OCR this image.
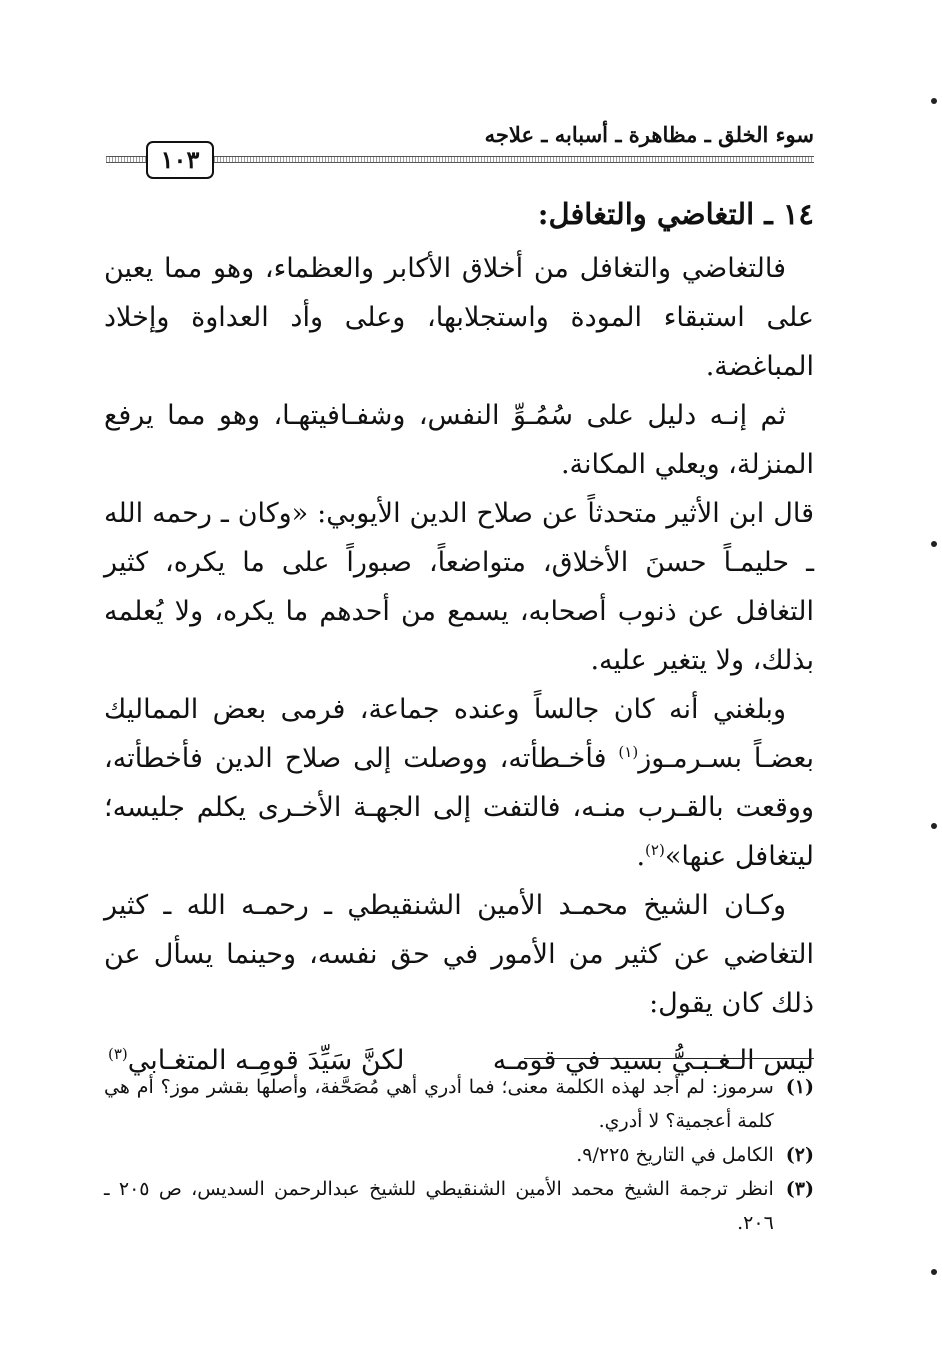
سوء الخلق ـ مظاهرة ـ أسبابه ـ علاجه
١٠٣

١٤ ـ التغاضي والتغافل:

فالتغاضي والتغافل من أخلاق الأكابر والعظماء، وهو مما يعين على استبقاء المودة واستجلابها، وعلى وأد العداوة وإخلاد المباغضة.

ثم إنـه دليل على سُمُـوِّ النفس، وشفـافيتهـا، وهو مما يرفع المنزلة، ويعلي المكانة.

قال ابن الأثير متحدثاً عن صلاح الدين الأيوبي: «وكان ـ رحمه الله ـ حليمـاً حسنَ الأخلاق، متواضعاً، صبوراً على ما يكره، كثير التغافل عن ذنوب أصحابه، يسمع من أحدهم ما يكره، ولا يُعلمه بذلك، ولا يتغير عليه.

وبلغني أنه كان جالساً وعنده جماعة، فرمى بعض المماليك بعضـاً بسـرمـوز$^{(١)}$ فأخـطأته، ووصلت إلى صلاح الدين فأخطأته، ووقعت بالقـرب منـه، فالتفت إلى الجهـة الأخـرى يكلم جليسه؛ ليتغافل عنها»$^{(٢)}$.

وكـان الشيخ محمـد الأمين الشنقيطي ـ رحمـه الله ـ كثير التغاضي عن كثير من الأمور في حق نفسه، وحينما يسأل عن ذلك كان يقول:

ليس الـغـبـيُّ بسيد في قومـه
لكنَّ سَيِّدَ قومِـه المتغـابي(٣)

(١)
سرموز: لم أجد لهذه الكلمة معنى؛ فما أدري أهي مُصَحَّفة، وأصلها بقشر موز؟ أم هي كلمة أعجمية؟ لا أدري.

(٢)
الكامل في التاريخ ٩/٢٢٥.

(٣)
انظر ترجمة الشيخ محمد الأمين الشنقيطي للشيخ عبدالرحمن السديس، ص ٢٠٥ ـ ٢٠٦.
